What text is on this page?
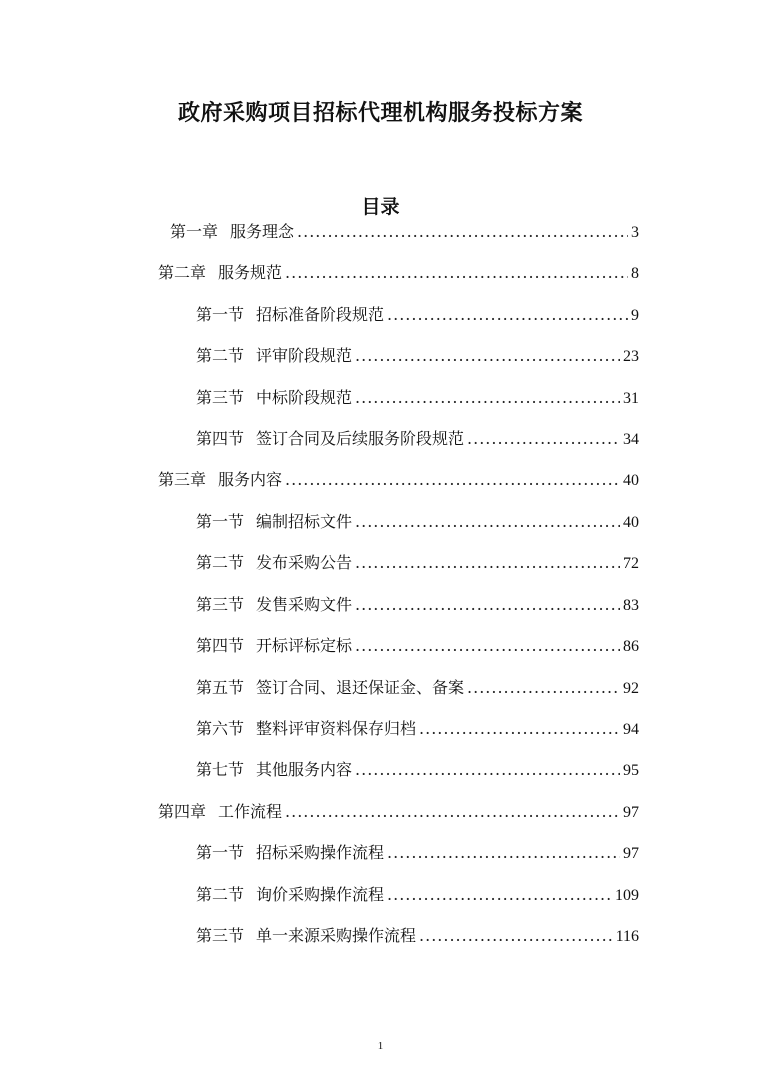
政府采购项目招标代理机构服务投标方案
目录
第一章 服务理念 .....	3
第二章 服务规范 .....	8
第一节 招标准备阶段规范 .....	9
第二节 评审阶段规范 .....	23
第三节 中标阶段规范 .....	31
第四节 签订合同及后续服务阶段规范 .....	34
第三章 服务内容 .....	40
第一节 编制招标文件 .....	40
第二节 发布采购公告 .....	72
第三节 发售采购文件 .....	83
第四节 开标评标定标 .....	86
第五节 签订合同、退还保证金、备案 .....	92
第六节 整料评审资料保存归档 .....	94
第七节 其他服务内容 .....	95
第四章 工作流程 .....	97
第一节 招标采购操作流程 .....	97
第二节 询价采购操作流程 .....	109
第三节 单一来源采购操作流程 .....	116
1
